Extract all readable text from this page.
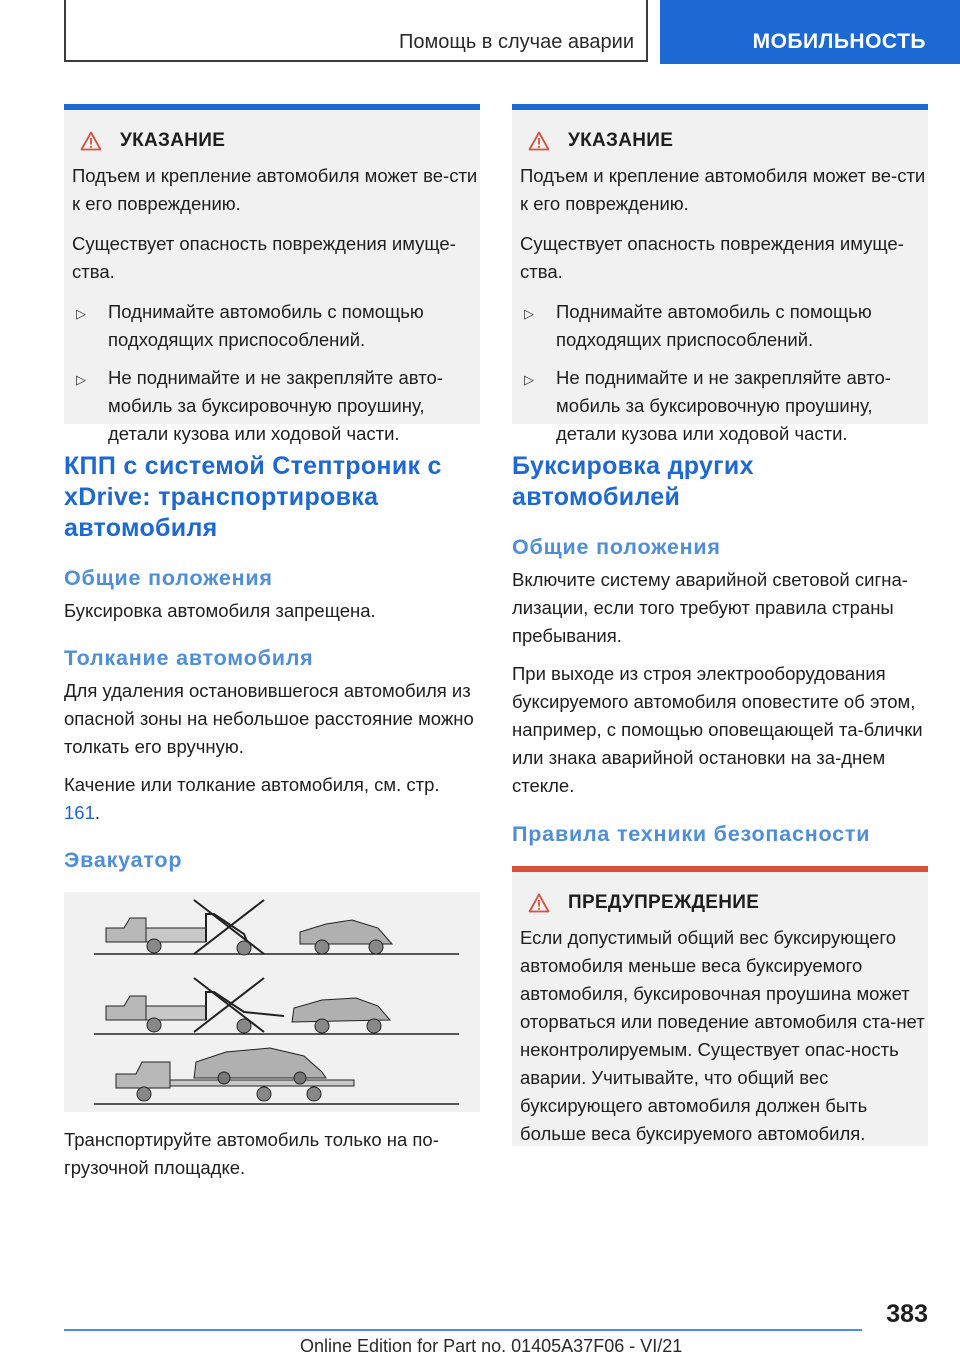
Помощь в случае аварии	МОБИЛЬНОСТЬ
УКАЗАНИЕ

Подъем и крепление автомобиля может ве-сти к его повреждению.

Существует опасность повреждения имуще-ства.

▷ Поднимайте автомобиль с помощью подходящих приспособлений.
▷ Не поднимайте и не закрепляйте авто-мобиль за буксировочную проушину, детали кузова или ходовой части.
КПП с системой Стептроник с xDrive: транспортировка автомобиля
Общие положения

Буксировка автомобиля запрещена.

Толкание автомобиля

Для удаления остановившегося автомобиля из опасной зоны на небольшое расстояние можно толкать его вручную.

Качение или толкание автомобиля, см. стр. 161.

Эвакуатор

Транспортируйте автомобиль только на по-грузочной площадке.

УКАЗАНИЕ

Подъем и крепление автомобиля может ве-сти к его повреждению.

Существует опасность повреждения имуще-ства.

▷ Поднимайте автомобиль с помощью подходящих приспособлений.
▷ Не поднимайте и не закрепляйте авто-мобиль за буксировочную проушину, детали кузова или ходовой части.
Буксировка других автомобилей
Общие положения

Включите систему аварийной световой сигна-лизации, если того требуют правила страны пребывания.

При выходе из строя электрооборудования буксируемого автомобиля оповестите об этом, например, с помощью оповещающей та-блички или знака аварийной остановки на за-днем стекле.

Правила техники безопасности
ПРЕДУПРЕЖДЕНИЕ

Если допустимый общий вес буксирующего автомобиля меньше веса буксируемого автомобиля, буксировочная проушина может оторваться или поведение автомобиля ста-нет неконтролируемым. Существует опас-ность аварии. Учитывайте, что общий вес буксирующего автомобиля должен быть больше веса буксируемого автомобиля.

383
Online Edition for Part no. 01405A37F06 - VI/21
